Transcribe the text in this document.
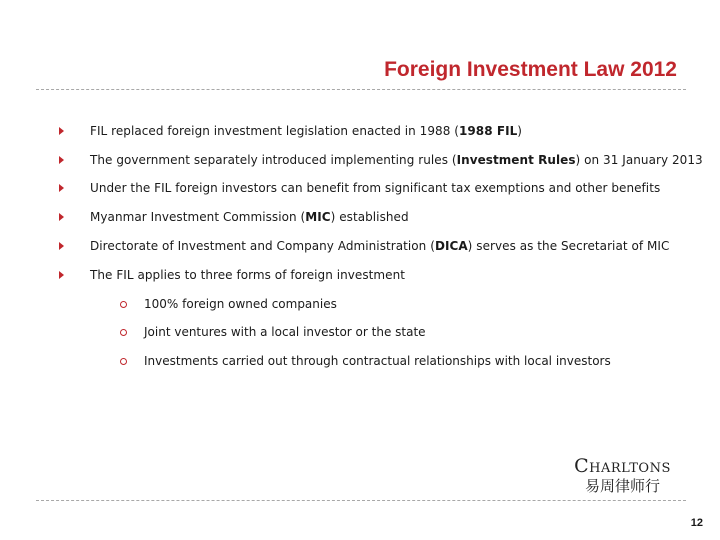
Foreign Investment Law 2012
FIL replaced foreign investment legislation enacted in 1988 (1988 FIL)
The government separately introduced implementing rules (Investment Rules) on 31 January 2013
Under the FIL foreign investors can benefit from significant tax exemptions and other benefits
Myanmar Investment Commission (MIC) established
Directorate of Investment and Company Administration (DICA) serves as the Secretariat of MIC
The FIL applies to three forms of foreign investment
100% foreign owned companies
Joint ventures with a local investor or the state
Investments carried out through contractual relationships with local investors
Charltons
易周律师行
12
